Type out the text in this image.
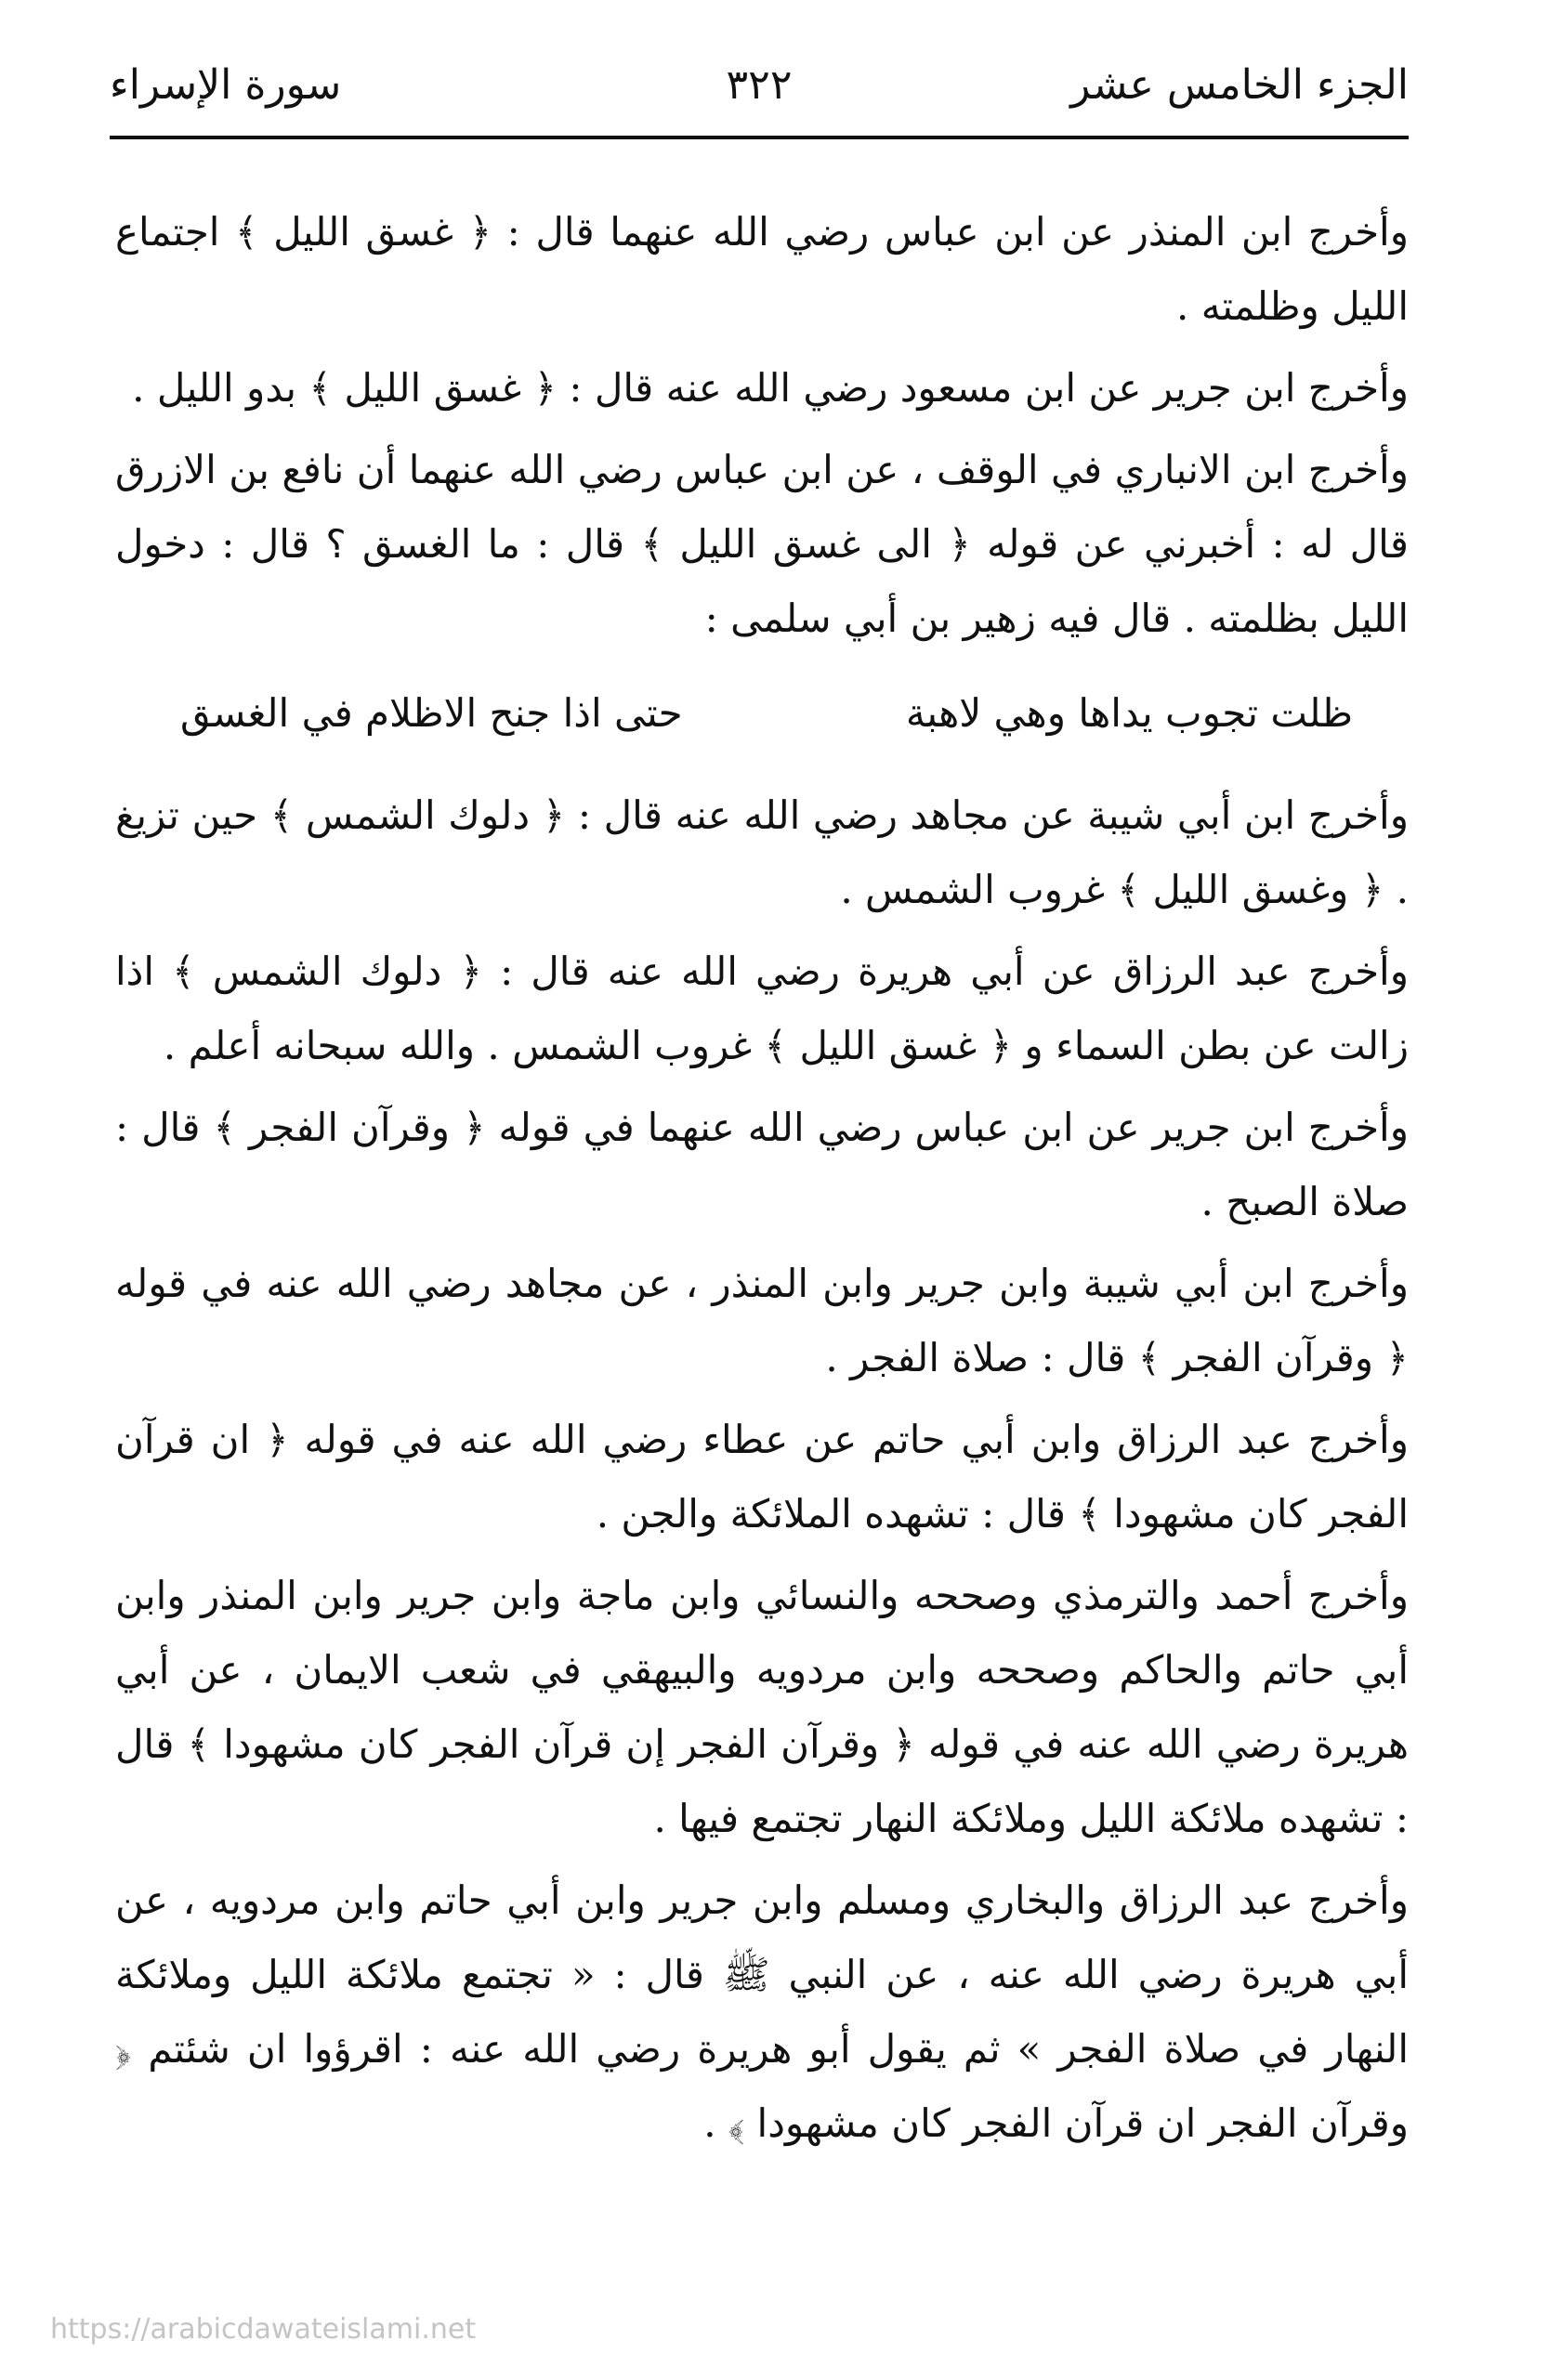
الجزء الخامس عشر
٣٢٢
سورة الإسراء

وأخرج ابن المنذر عن ابن عباس رضي الله عنهما قال : ﴿ غسق الليل ﴾ اجتماع الليل وظلمته .

وأخرج ابن جرير عن ابن مسعود رضي الله عنه قال : ﴿ غسق الليل ﴾ بدو الليل .

وأخرج ابن الانباري في الوقف ، عن ابن عباس رضي الله عنهما أن نافع بن الازرق قال له : أخبرني عن قوله ﴿ الى غسق الليل ﴾ قال : ما الغسق ؟ قال : دخول الليل بظلمته . قال فيه زهير بن أبي سلمى :

ظلت تجوب يداها وهي لاهبة
حتى اذا جنح الاظلام في الغسق

وأخرج ابن أبي شيبة عن مجاهد رضي الله عنه قال : ﴿ دلوك الشمس ﴾ حين تزيغ . ﴿ وغسق الليل ﴾ غروب الشمس .

وأخرج عبد الرزاق عن أبي هريرة رضي الله عنه قال : ﴿ دلوك الشمس ﴾ اذا زالت عن بطن السماء و ﴿ غسق الليل ﴾ غروب الشمس . والله سبحانه أعلم .

وأخرج ابن جرير عن ابن عباس رضي الله عنهما في قوله ﴿ وقرآن الفجر ﴾ قال : صلاة الصبح .

وأخرج ابن أبي شيبة وابن جرير وابن المنذر ، عن مجاهد رضي الله عنه في قوله ﴿ وقرآن الفجر ﴾ قال : صلاة الفجر .

وأخرج عبد الرزاق وابن أبي حاتم عن عطاء رضي الله عنه في قوله ﴿ ان قرآن الفجر كان مشهودا ﴾ قال : تشهده الملائكة والجن .

وأخرج أحمد والترمذي وصححه والنسائي وابن ماجة وابن جرير وابن المنذر وابن أبي حاتم والحاكم وصححه وابن مردويه والبيهقي في شعب الايمان ، عن أبي هريرة رضي الله عنه في قوله ﴿ وقرآن الفجر إن قرآن الفجر كان مشهودا ﴾ قال : تشهده ملائكة الليل وملائكة النهار تجتمع فيها .

وأخرج عبد الرزاق والبخاري ومسلم وابن جرير وابن أبي حاتم وابن مردويه ، عن أبي هريرة رضي الله عنه ، عن النبي ﷺ قال : « تجتمع ملائكة الليل وملائكة النهار في صلاة الفجر » ثم يقول أبو هريرة رضي الله عنه : اقرؤوا ان شئتم ﴿ وقرآن الفجر ان قرآن الفجر كان مشهودا ﴾ .

https://arabicdawateislami.net
